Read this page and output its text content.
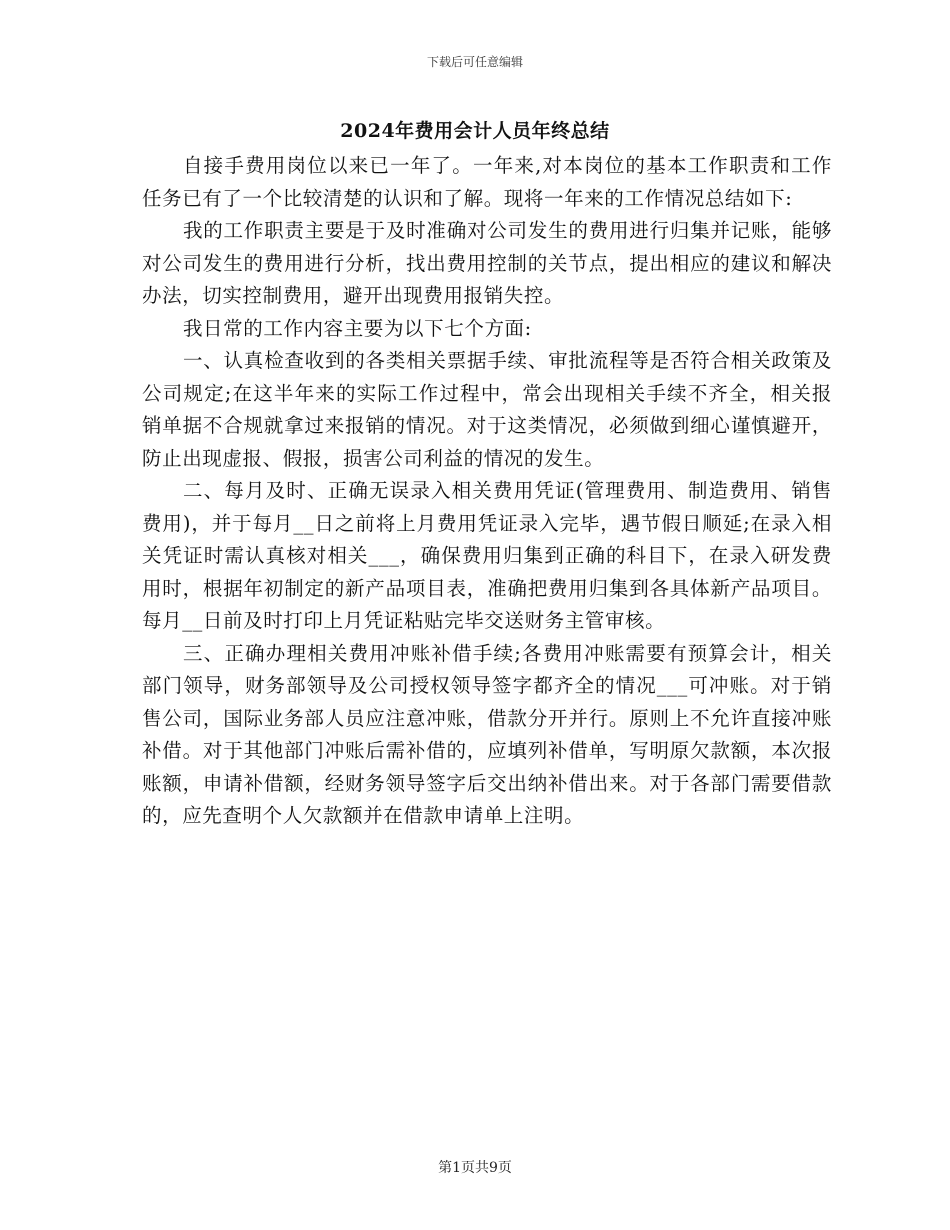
下载后可任意编辑
2024年费用会计人员年终总结

自接手费用岗位以来已一年了。一年来,对本岗位的基本工作职责和工作任务已有了一个比较清楚的认识和了解。现将一年来的工作情况总结如下:

我的工作职责主要是于及时准确对公司发生的费用进行归集并记账，能够对公司发生的费用进行分析，找出费用控制的关节点，提出相应的建议和解决办法，切实控制费用，避开出现费用报销失控。

我日常的工作内容主要为以下七个方面:

一、认真检查收到的各类相关票据手续、审批流程等是否符合相关政策及公司规定;在这半年来的实际工作过程中，常会出现相关手续不齐全，相关报销单据不合规就拿过来报销的情况。对于这类情况，必须做到细心谨慎避开，防止出现虚报、假报，损害公司利益的情况的发生。

二、每月及时、正确无误录入相关费用凭证(管理费用、制造费用、销售费用)，并于每月__日之前将上月费用凭证录入完毕，遇节假日顺延;在录入相关凭证时需认真核对相关___，确保费用归集到正确的科目下，在录入研发费用时，根据年初制定的新产品项目表，准确把费用归集到各具体新产品项目。每月__日前及时打印上月凭证粘贴完毕交送财务主管审核。

三、正确办理相关费用冲账补借手续;各费用冲账需要有预算会计，相关部门领导，财务部领导及公司授权领导签字都齐全的情况___可冲账。对于销售公司，国际业务部人员应注意冲账，借款分开并行。原则上不允许直接冲账补借。对于其他部门冲账后需补借的，应填列补借单，写明原欠款额，本次报账额，申请补借额，经财务领导签字后交出纳补借出来。对于各部门需要借款的，应先查明个人欠款额并在借款申请单上注明。

第1页共9页
